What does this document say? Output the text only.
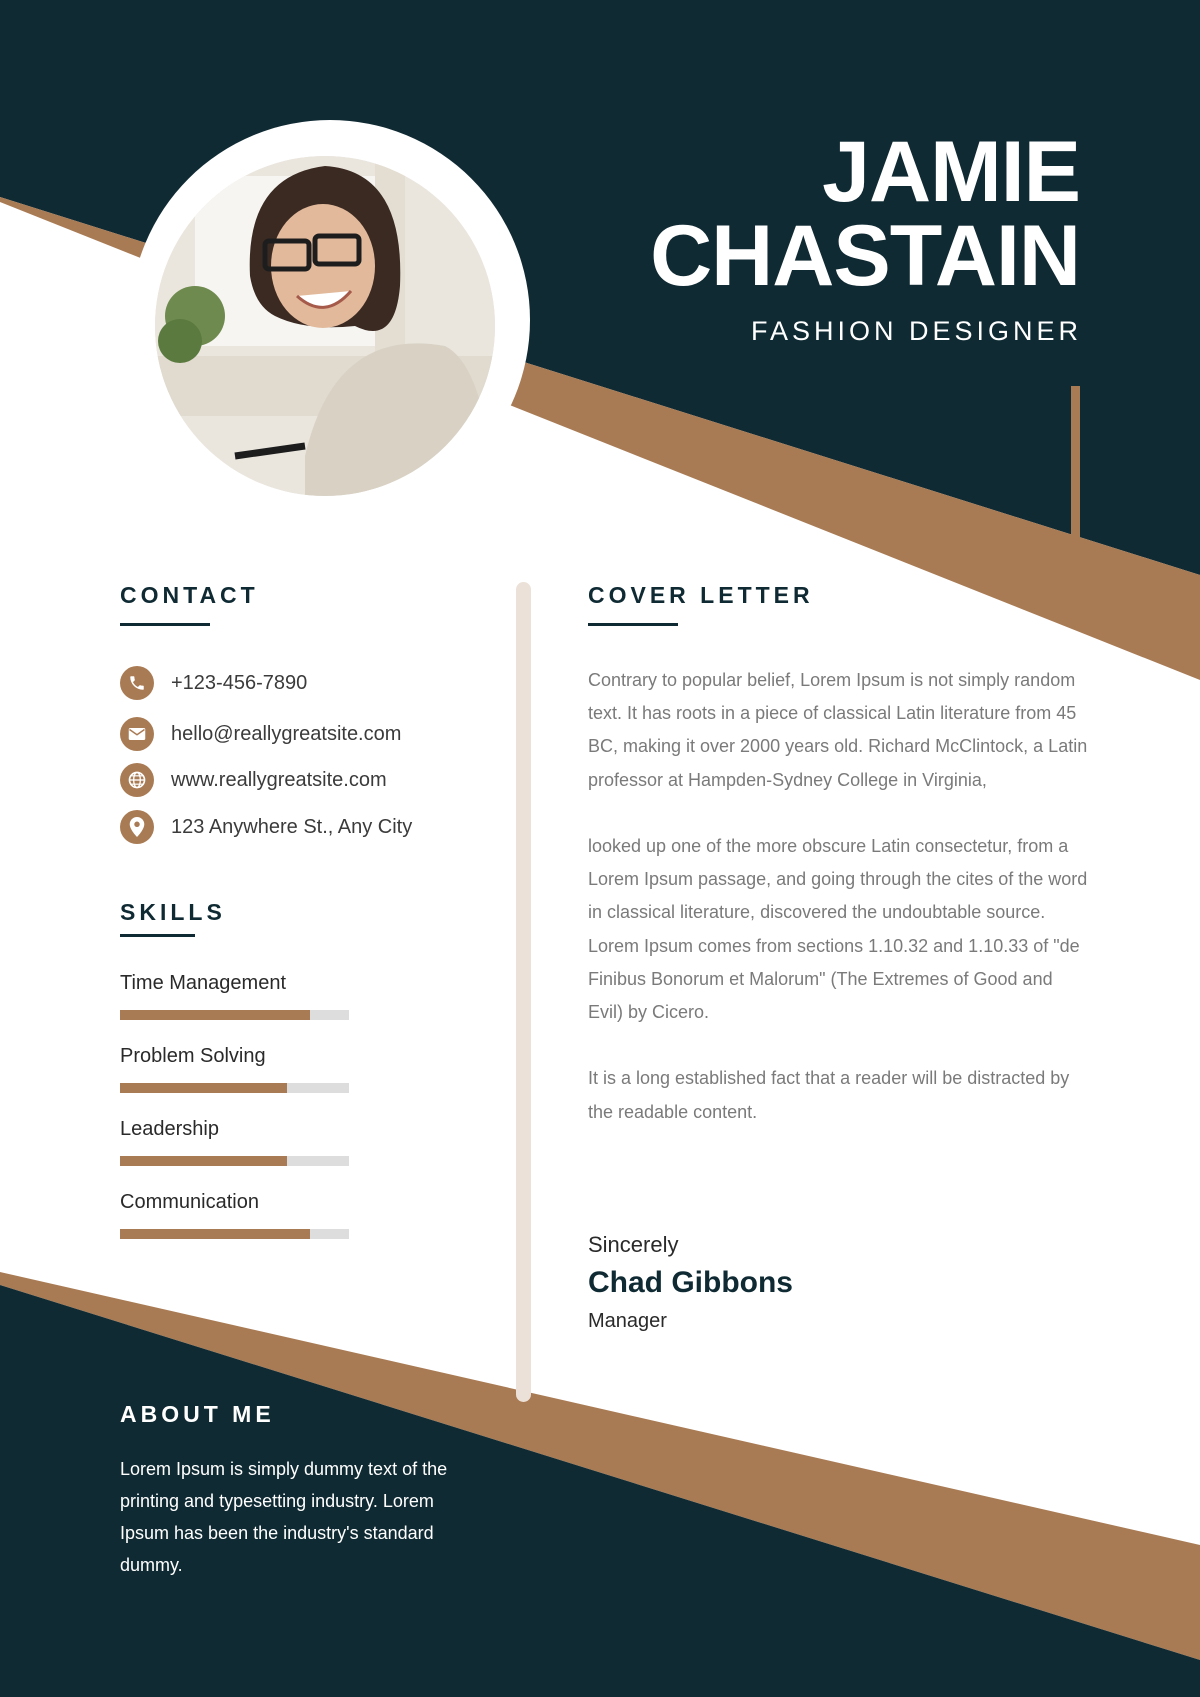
JAMIE
CHASTAIN
FASHION DESIGNER
CONTACT
+123-456-7890
hello@reallygreatsite.com
www.reallygreatsite.com
123 Anywhere St., Any City
SKILLS
Time Management
Problem Solving
Leadership
Communication
COVER LETTER

Contrary to popular belief, Lorem Ipsum is not simply random text. It has roots in a piece of classical Latin literature from 45 BC, making it over 2000 years old. Richard McClintock, a Latin professor at Hampden-Sydney College in Virginia,

looked up one of the more obscure Latin consectetur, from a Lorem Ipsum passage, and going through the cites of the word in classical literature, discovered the undoubtable source.

Lorem Ipsum comes from sections 1.10.32 and 1.10.33 of "de Finibus Bonorum et Malorum" (The Extremes of Good and Evil) by Cicero.

It is a long established fact that a reader will be distracted by the readable content.

Sincerely
Chad Gibbons
Manager
ABOUT ME
Lorem Ipsum is simply dummy text of the printing and typesetting industry. Lorem Ipsum has been the industry's standard dummy.
